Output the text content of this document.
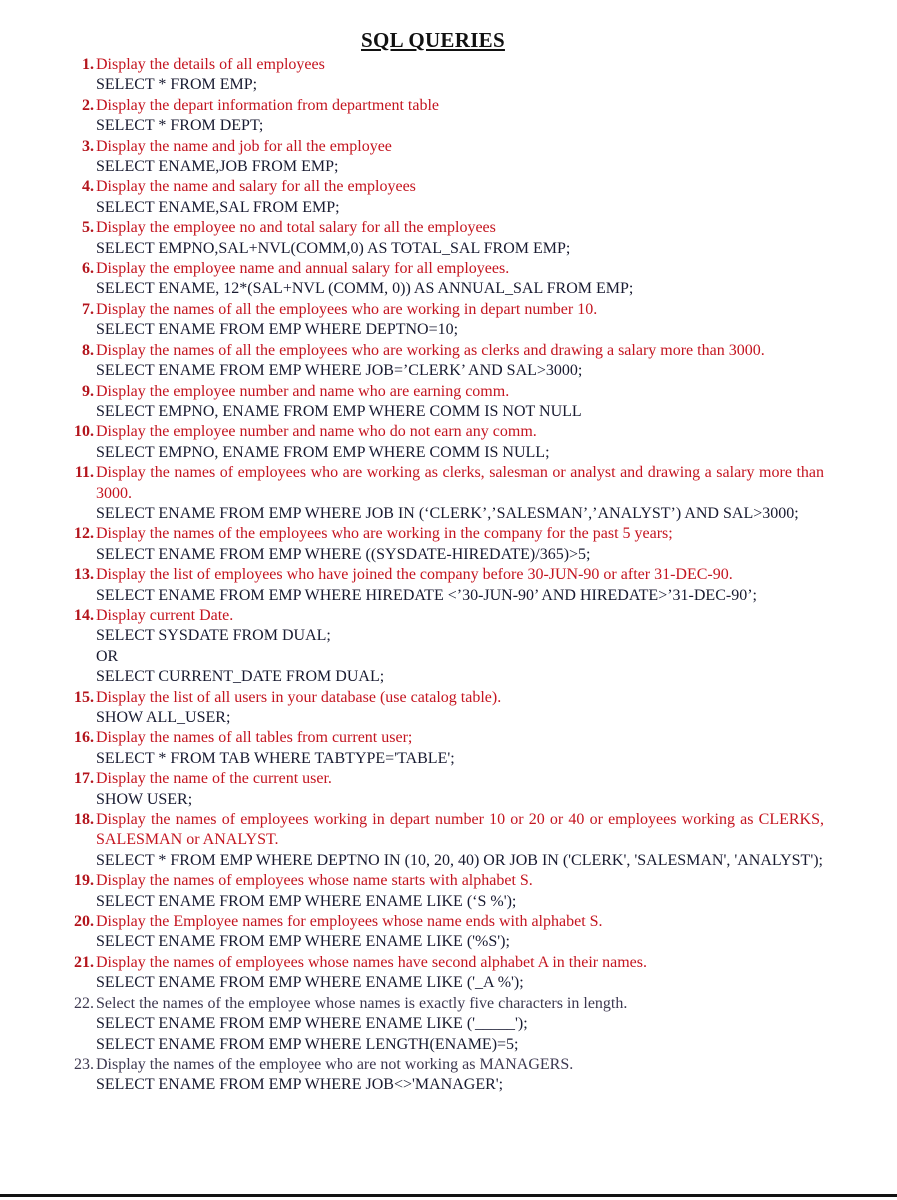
SQL QUERIES
1. Display the details of all employees
SELECT * FROM EMP;
2. Display the depart information from department table
SELECT * FROM DEPT;
3. Display the name and job for all the employee
SELECT ENAME,JOB FROM EMP;
4. Display the name and salary for all the employees
SELECT ENAME,SAL FROM EMP;
5. Display the employee no and total salary for all the employees
SELECT EMPNO,SAL+NVL(COMM,0) AS TOTAL_SAL FROM EMP;
6. Display the employee name and annual salary for all employees.
SELECT ENAME, 12*(SAL+NVL (COMM, 0)) AS ANNUAL_SAL FROM EMP;
7. Display the names of all the employees who are working in depart number 10.
SELECT ENAME FROM EMP WHERE DEPTNO=10;
8. Display the names of all the employees who are working as clerks and drawing a salary more than 3000.
SELECT ENAME FROM EMP WHERE JOB=’CLERK’ AND SAL>3000;
9. Display the employee number and name who are earning comm.
SELECT EMPNO, ENAME FROM EMP WHERE COMM IS NOT NULL
10. Display the employee number and name who do not earn any comm.
SELECT EMPNO, ENAME FROM EMP WHERE COMM IS NULL;
11. Display the names of employees who are working as clerks, salesman or analyst and drawing a salary more than 3000.
SELECT ENAME FROM EMP WHERE JOB IN (‘CLERK’,’SALESMAN’,’ANALYST’) AND SAL>3000;
12. Display the names of the employees who are working in the company for the past 5 years;
SELECT ENAME FROM EMP WHERE ((SYSDATE-HIREDATE)/365)>5;
13. Display the list of employees who have joined the company before 30-JUN-90 or after 31-DEC-90.
SELECT ENAME FROM EMP WHERE HIREDATE <’30-JUN-90’ AND HIREDATE>’31-DEC-90’;
14. Display current Date.
SELECT SYSDATE FROM DUAL;
OR
SELECT CURRENT_DATE FROM DUAL;
15. Display the list of all users in your database (use catalog table).
SHOW ALL_USER;
16. Display the names of all tables from current user;
SELECT * FROM TAB WHERE TABTYPE='TABLE';
17. Display the name of the current user.
SHOW USER;
18. Display the names of employees working in depart number 10 or 20 or 40 or employees working as CLERKS, SALESMAN or ANALYST.
SELECT * FROM EMP WHERE DEPTNO IN (10, 20, 40) OR JOB IN ('CLERK', 'SALESMAN', 'ANALYST');
19. Display the names of employees whose name starts with alphabet S.
SELECT ENAME FROM EMP WHERE ENAME LIKE (‘S %');
20. Display the Employee names for employees whose name ends with alphabet S.
SELECT ENAME FROM EMP WHERE ENAME LIKE ('%S');
21. Display the names of employees whose names have second alphabet A in their names.
SELECT ENAME FROM EMP WHERE ENAME LIKE ('_A %');
22. Select the names of the employee whose names is exactly five characters in length.
SELECT ENAME FROM EMP WHERE ENAME LIKE ('_____');
SELECT ENAME FROM EMP WHERE LENGTH(ENAME)=5;
23. Display the names of the employee who are not working as MANAGERS.
SELECT ENAME FROM EMP WHERE JOB<>'MANAGER';
